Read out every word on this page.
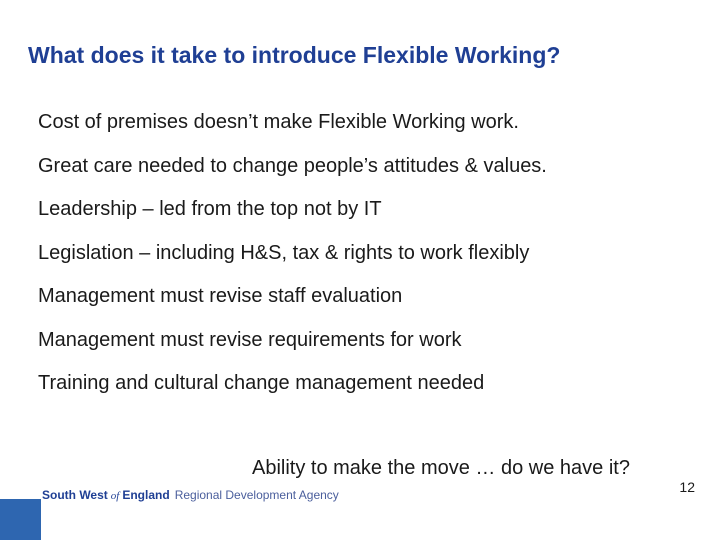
What does it take to introduce Flexible Working?
Cost of premises doesn’t make Flexible Working work.
Great care needed to change people’s attitudes & values.
Leadership – led from the top not by IT
Legislation – including H&S, tax & rights to work flexibly
Management must revise staff evaluation
Management must revise requirements for work
Training and cultural change management needed
Ability to make the move … do we have it?
South West of England Regional Development Agency	12
